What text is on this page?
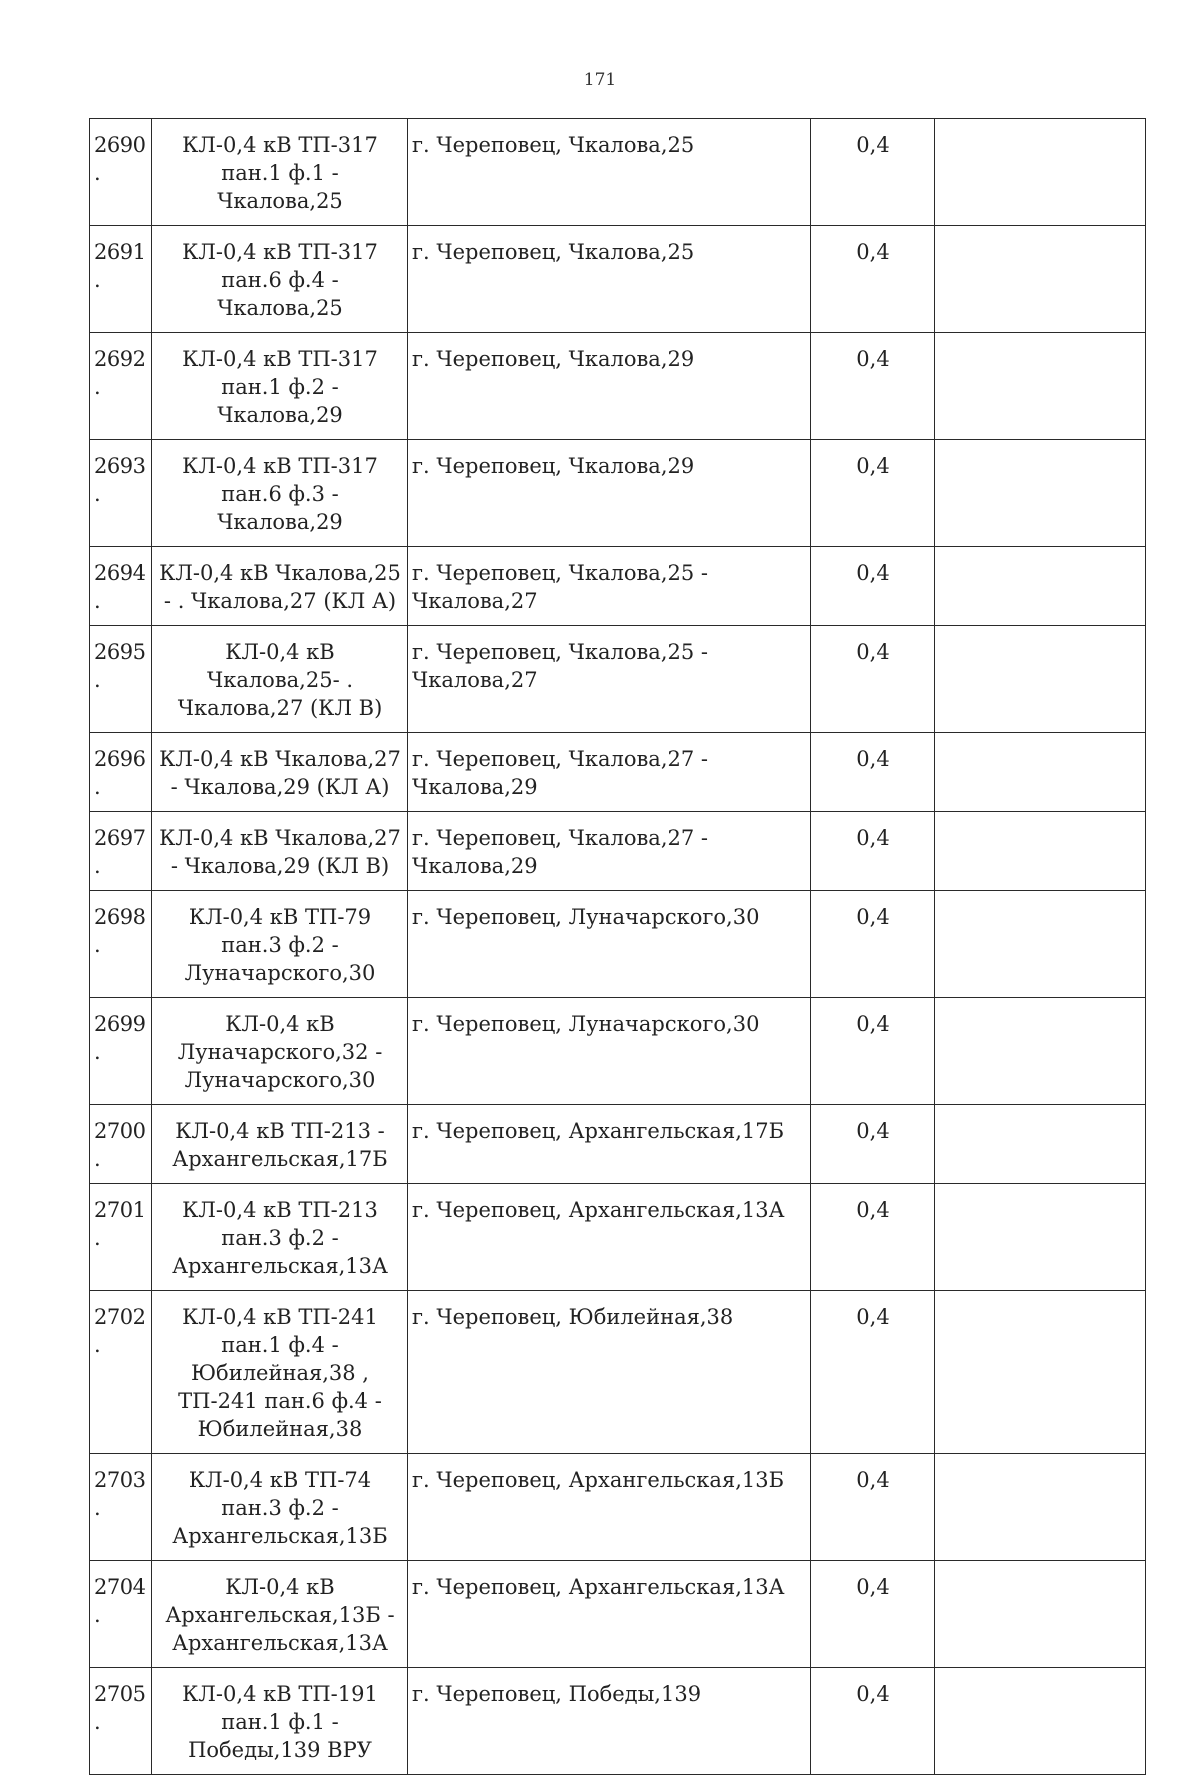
171
2690.	КЛ-0,4 кВ ТП-317 пан.1 ф.1 - Чкалова,25	г. Череповец, Чкалова,25	0,4	
2691.	КЛ-0,4 кВ ТП-317 пан.6 ф.4 - Чкалова,25	г. Череповец, Чкалова,25	0,4	
2692.	КЛ-0,4 кВ ТП-317 пан.1 ф.2 - Чкалова,29	г. Череповец, Чкалова,29	0,4	
2693.	КЛ-0,4 кВ ТП-317 пан.6 ф.3 - Чкалова,29	г. Череповец, Чкалова,29	0,4	
2694.	КЛ-0,4 кВ Чкалова,25 - . Чкалова,27 (КЛ А)	г. Череповец, Чкалова,25 - Чкалова,27	0,4	
2695.	КЛ-0,4 кВ Чкалова,25- . Чкалова,27 (КЛ В)	г. Череповец, Чкалова,25 - Чкалова,27	0,4	
2696.	КЛ-0,4 кВ Чкалова,27 - Чкалова,29 (КЛ А)	г. Череповец, Чкалова,27 - Чкалова,29	0,4	
2697.	КЛ-0,4 кВ Чкалова,27 - Чкалова,29 (КЛ В)	г. Череповец, Чкалова,27 - Чкалова,29	0,4	
2698.	КЛ-0,4 кВ ТП-79 пан.3 ф.2 - Луначарского,30	г. Череповец, Луначарского,30	0,4	
2699.	КЛ-0,4 кВ Луначарского,32 - Луначарского,30	г. Череповец, Луначарского,30	0,4	
2700.	КЛ-0,4 кВ ТП-213 - Архангельская,17Б	г. Череповец, Архангельская,17Б	0,4	
2701.	КЛ-0,4 кВ ТП-213 пан.3 ф.2 - Архангельская,13А	г. Череповец, Архангельская,13А	0,4	
2702.	КЛ-0,4 кВ ТП-241 пан.1 ф.4 - Юбилейная,38 , ТП-241 пан.6 ф.4 - Юбилейная,38	г. Череповец, Юбилейная,38	0,4	
2703.	КЛ-0,4 кВ ТП-74 пан.3 ф.2 - Архангельская,13Б	г. Череповец, Архангельская,13Б	0,4	
2704.	КЛ-0,4 кВ Архангельская,13Б - Архангельская,13А	г. Череповец, Архангельская,13А	0,4	
2705.	КЛ-0,4 кВ ТП-191 пан.1 ф.1 - Победы,139 ВРУ	г. Череповец, Победы,139	0,4	
